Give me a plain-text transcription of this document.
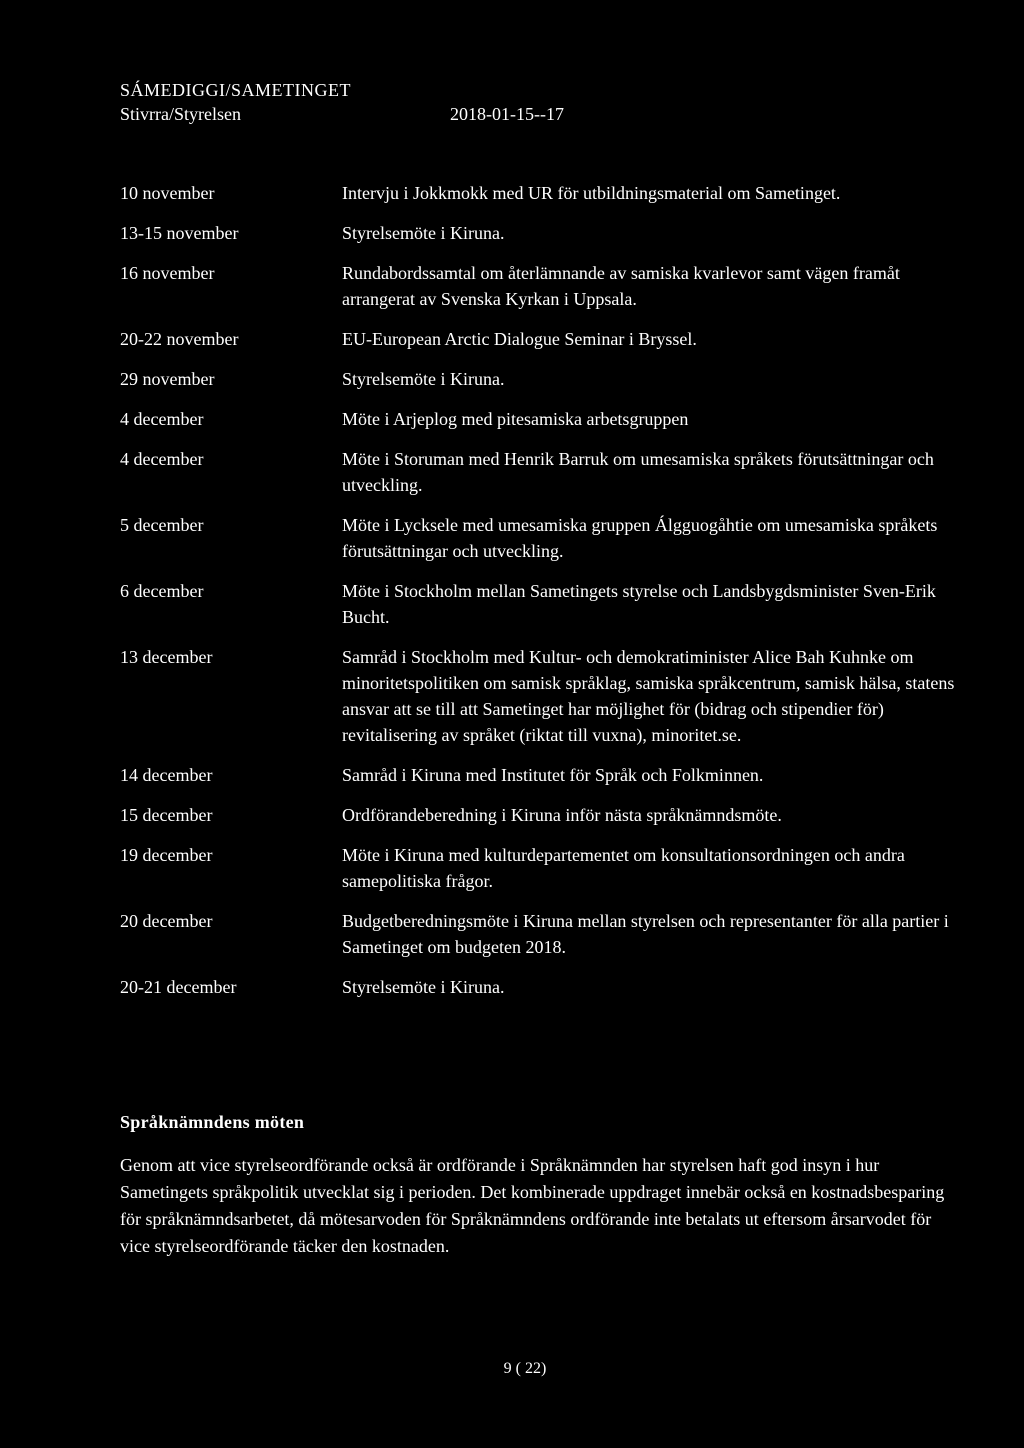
SÁMEDIGGI/SAMETINGET
Stivrra/Styrelsen	2018-01-15--17
10 november	Intervju i Jokkmokk med UR för utbildningsmaterial om Sametinget.
13-15 november	Styrelsemöte i Kiruna.
16 november	Rundabordssamtal om återlämnande av samiska kvarlevor samt vägen framåt arrangerat av Svenska Kyrkan i Uppsala.
20-22 november	EU-European Arctic Dialogue Seminar i Bryssel.
29 november	Styrelsemöte i Kiruna.
4 december	Möte i Arjeplog med pitesamiska arbetsgruppen
4 december	Möte i Storuman med Henrik Barruk om umesamiska språkets förutsättningar och utveckling.
5 december	Möte i Lycksele med umesamiska gruppen Álgguogåhtie om umesamiska språkets förutsättningar och utveckling.
6 december	Möte i Stockholm mellan Sametingets styrelse och Landsbygdsminister Sven-Erik Bucht.
13 december	Samråd i Stockholm med Kultur- och demokratiminister Alice Bah Kuhnke om minoritetspolitiken om samisk språklag, samiska språkcentrum, samisk hälsa, statens ansvar att se till att Sametinget har möjlighet för (bidrag och stipendier för) revitalisering av språket (riktat till vuxna), minoritet.se.
14 december	Samråd i Kiruna med Institutet för Språk och Folkminnen.
15 december	Ordförandeberedning i Kiruna inför nästa språknämndsmöte.
19 december	Möte i Kiruna med kulturdepartementet om konsultationsordningen och andra samepolitiska frågor.
20 december	Budgetberedningsmöte i Kiruna mellan styrelsen och representanter för alla partier i Sametinget om budgeten 2018.
20-21 december	Styrelsemöte i Kiruna.
Språknämndens möten
Genom att vice styrelseordförande också är ordförande i Språknämnden har styrelsen haft god insyn i hur Sametingets språkpolitik utvecklat sig i perioden. Det kombinerade uppdraget innebär också en kostnadsbesparing för språknämndsarbetet, då mötesarvoden för Språknämndens ordförande inte betalats ut eftersom årsarvodet för vice styrelseordförande täcker den kostnaden.
9 ( 22)
